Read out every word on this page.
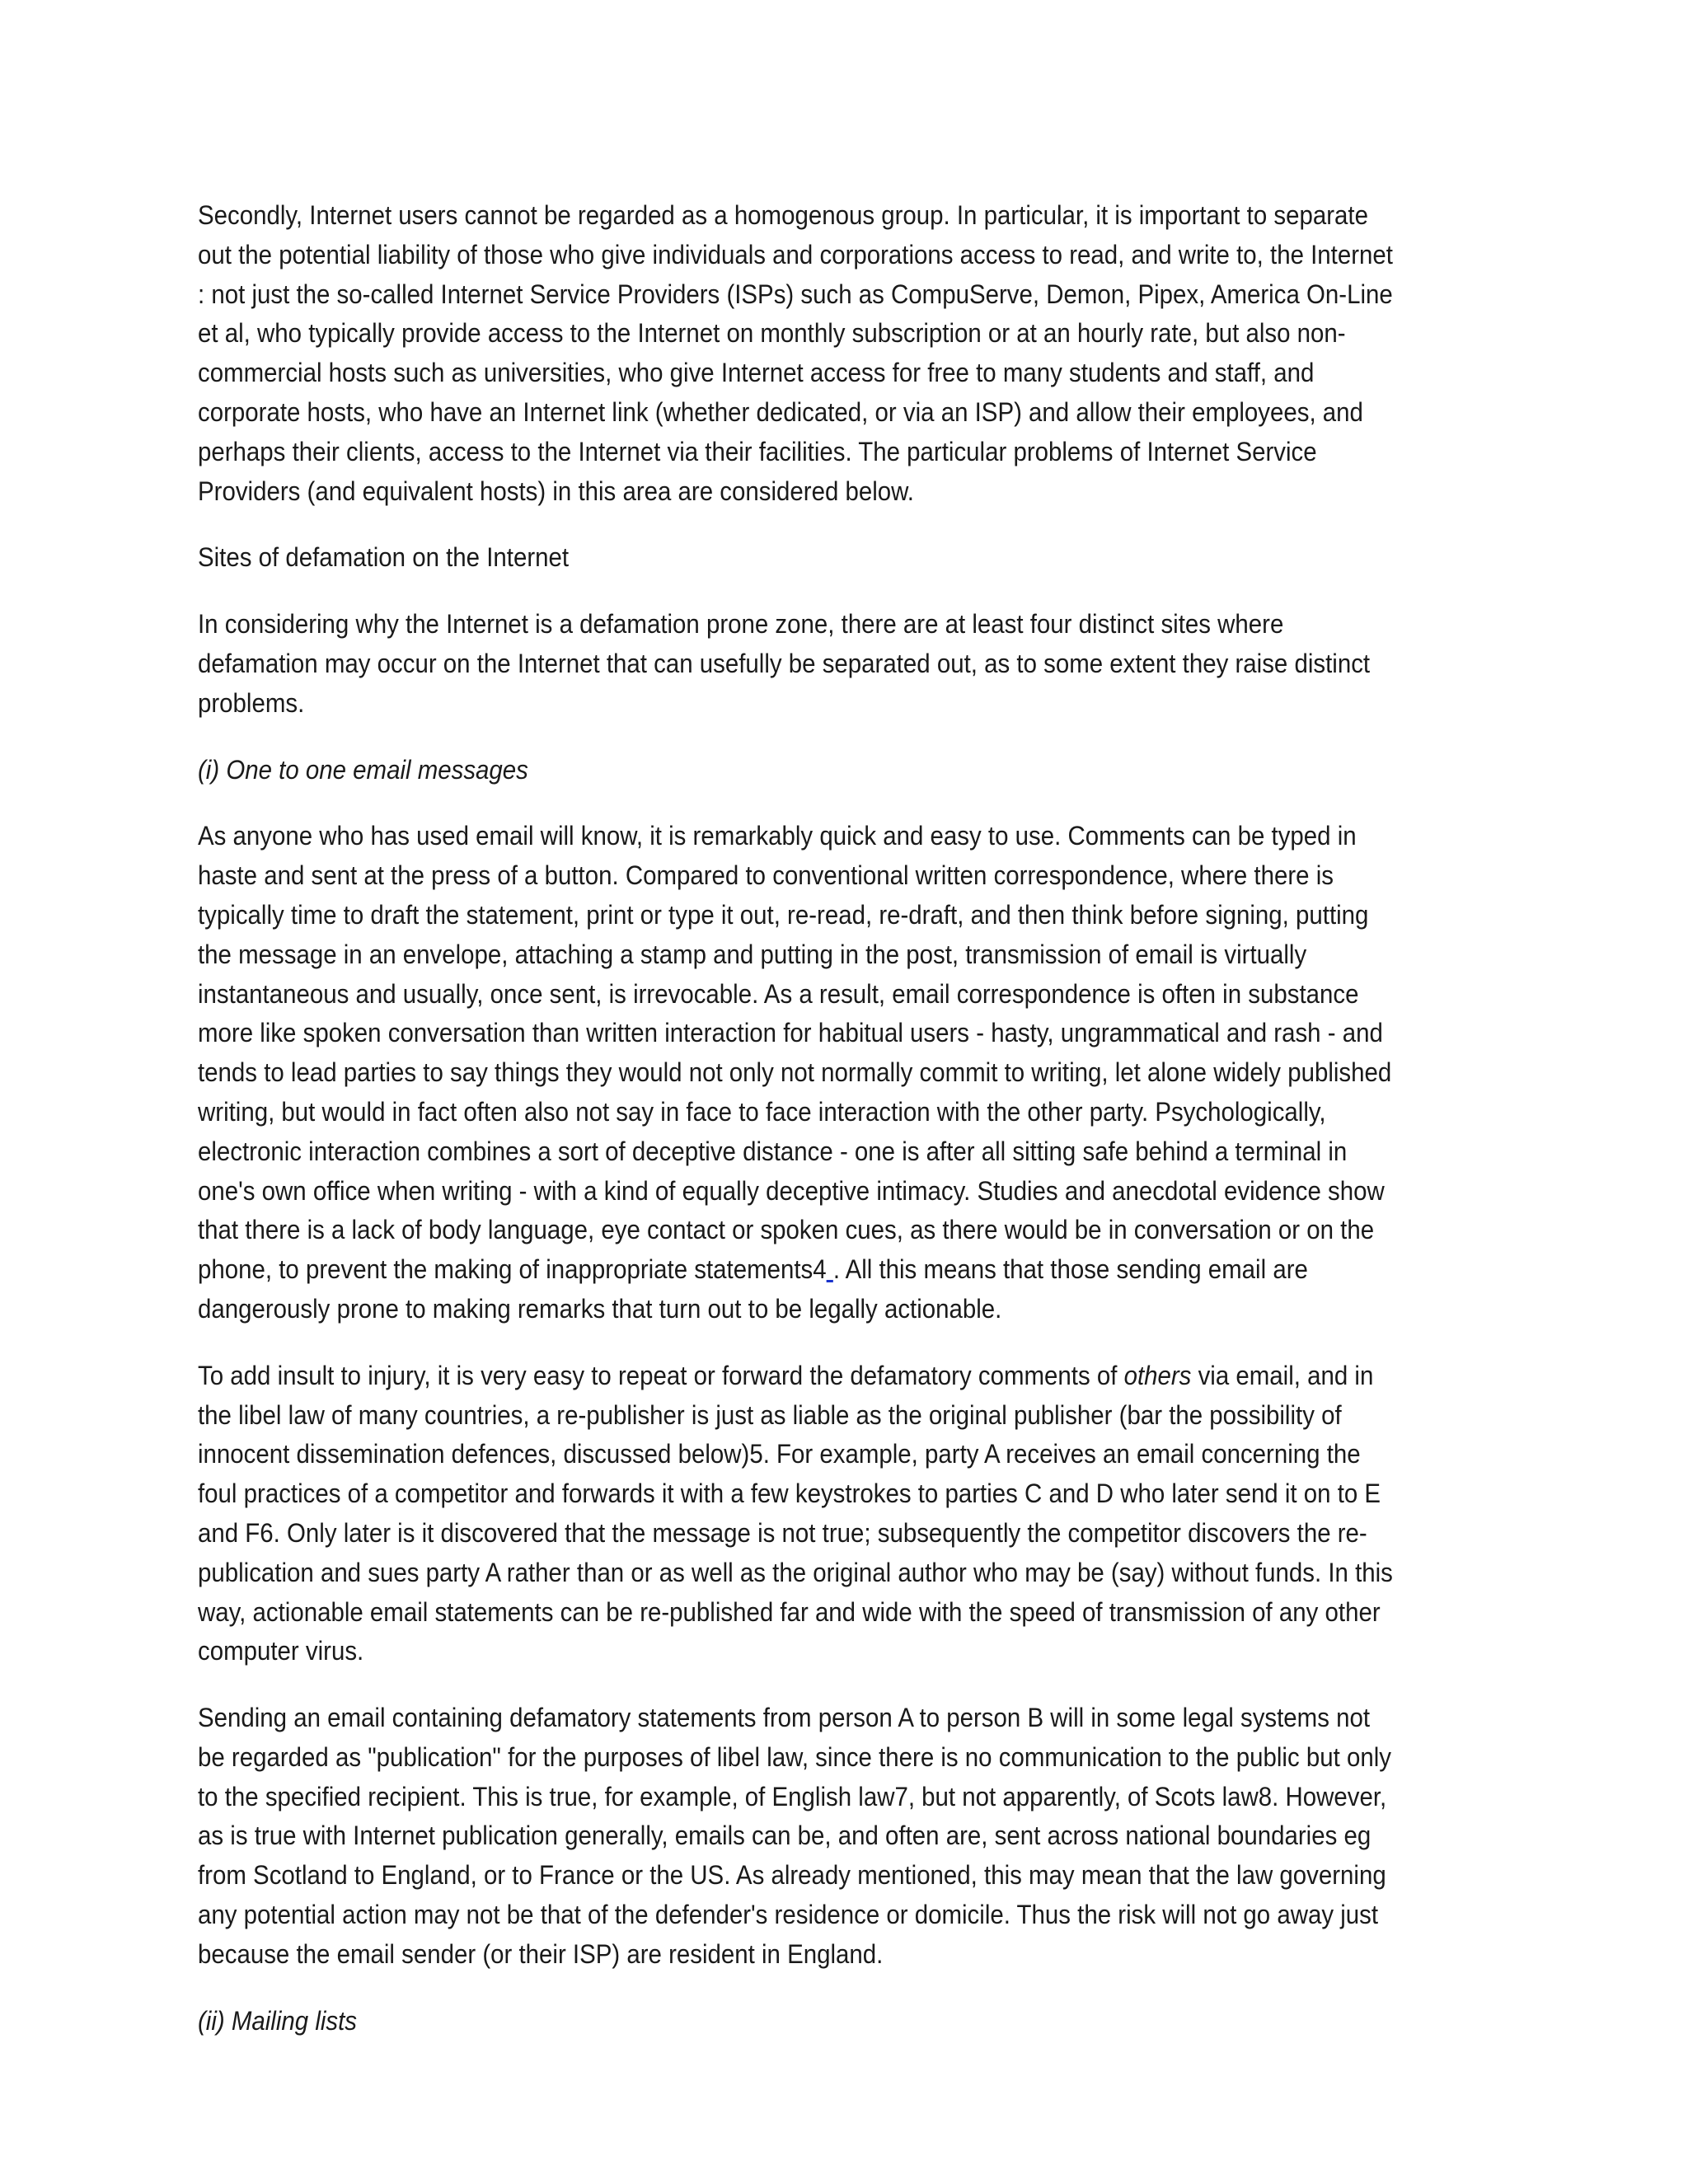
Secondly, Internet users cannot be regarded as a homogenous group. In particular, it is important to separate out the potential liability of those who give individuals and corporations access to read, and write to, the Internet : not just the so-called Internet Service Providers (ISPs) such as CompuServe, Demon, Pipex, America On-Line et al, who typically provide access to the Internet on monthly subscription or at an hourly rate, but also non-commercial hosts such as universities, who give Internet access for free to many students and staff, and corporate hosts, who have an Internet link (whether dedicated, or via an ISP) and allow their employees, and perhaps their clients, access to the Internet via their facilities. The particular problems of Internet Service Providers (and equivalent hosts) in this area are considered below.

Sites of defamation on the Internet

In considering why the Internet is a defamation prone zone, there are at least four distinct sites where defamation may occur on the Internet that can usefully be separated out, as to some extent they raise distinct problems.

(i) One to one email messages

As anyone who has used email will know, it is remarkably quick and easy to use. Comments can be typed in haste and sent at the press of a button. Compared to conventional written correspondence, where there is typically time to draft the statement, print or type it out, re-read, re-draft, and then think before signing, putting the message in an envelope, attaching a stamp and putting in the post, transmission of email is virtually instantaneous and usually, once sent, is irrevocable. As a result, email correspondence is often in substance more like spoken conversation than written interaction for habitual users - hasty, ungrammatical and rash - and tends to lead parties to say things they would not only not normally commit to writing, let alone widely published writing, but would in fact often also not say in face to face interaction with the other party. Psychologically, electronic interaction combines a sort of deceptive distance - one is after all sitting safe behind a terminal in one's own office when writing - with a kind of equally deceptive intimacy. Studies and anecdotal evidence show that there is a lack of body language, eye contact or spoken cues, as there would be in conversation or on the phone, to prevent the making of inappropriate statements4 . All this means that those sending email are dangerously prone to making remarks that turn out to be legally actionable.

To add insult to injury, it is very easy to repeat or forward the defamatory comments of others via email, and in the libel law of many countries, a re-publisher is just as liable as the original publisher (bar the possibility of innocent dissemination defences, discussed below)5. For example, party A receives an email concerning the foul practices of a competitor and forwards it with a few keystrokes to parties C and D who later send it on to E and F6. Only later is it discovered that the message is not true; subsequently the competitor discovers the re-publication and sues party A rather than or as well as the original author who may be (say) without funds. In this way, actionable email statements can be re-published far and wide with the speed of transmission of any other computer virus.

Sending an email containing defamatory statements from person A to person B will in some legal systems not be regarded as "publication" for the purposes of libel law, since there is no communication to the public but only to the specified recipient. This is true, for example, of English law7, but not apparently, of Scots law8. However, as is true with Internet publication generally, emails can be, and often are, sent across national boundaries eg from Scotland to England, or to France or the US. As already mentioned, this may mean that the law governing any potential action may not be that of the defender's residence or domicile. Thus the risk will not go away just because the email sender (or their ISP) are resident in England.

(ii) Mailing lists
